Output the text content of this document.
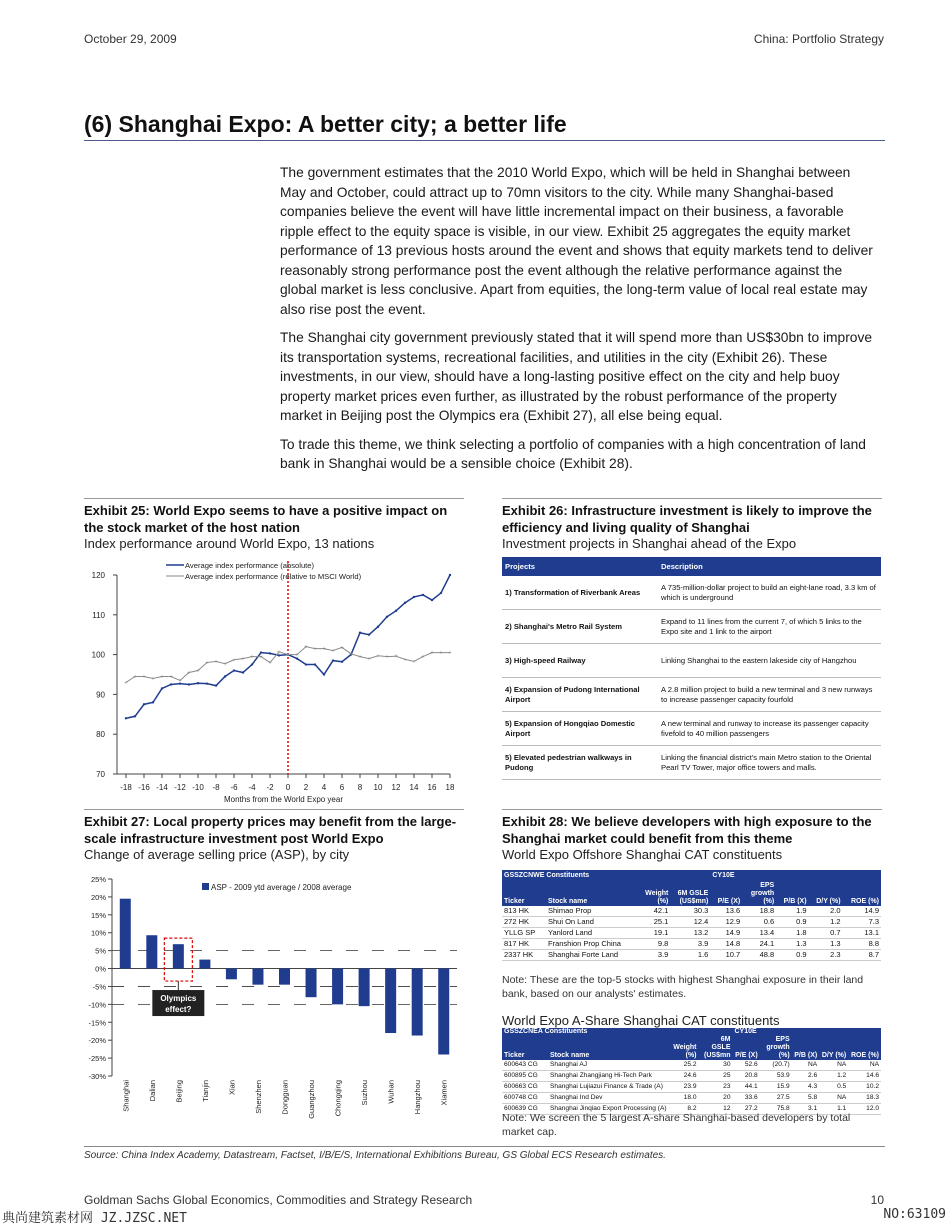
October 29, 2009	China: Portfolio Strategy
(6) Shanghai Expo: A better city; a better life

The government estimates that the 2010 World Expo, which will be held in Shanghai between May and October, could attract up to 70mn visitors to the city. While many Shanghai-based companies believe the event will have little incremental impact on their business, a favorable ripple effect to the equity space is visible, in our view. Exhibit 25 aggregates the equity market performance of 13 previous hosts around the event and shows that equity markets tend to deliver reasonably strong performance post the event although the relative performance against the global market is less conclusive. Apart from equities, the long-term value of local real estate may also rise post the event.

The Shanghai city government previously stated that it will spend more than US$30bn to improve its transportation systems, recreational facilities, and utilities in the city (Exhibit 26). These investments, in our view, should have a long-lasting positive effect on the city and help buoy property market prices even further, as illustrated by the robust performance of the property market in Beijing post the Olympics era (Exhibit 27), all else being equal.

To trade this theme, we think selecting a portfolio of companies with a high concentration of land bank in Shanghai would be a sensible choice (Exhibit 28).

Exhibit 25: World Expo seems to have a positive impact on the stock market of the host nation
Index performance around World Expo, 13 nations
70
80
90
100
110
120
-18 -16 -14 -12 -10 -8 -6 -4 -2 0 2 4 6 8 10 12 14 16 18
Months from the World Expo year
Average index performance (absolute)
+
+ + + + +
+
+ +
+ + +
+ + + +
+
+ + +
+ + + +
+
+ + + + + +
+ +
+
+ + +
Average index performance (relative to MSCI World)
Exhibit 26: Infrastructure investment is likely to improve the efficiency and living quality of Shanghai
Investment projects in Shanghai ahead of the Expo
Projects	Description
1) Transformation of Riverbank Areas	A 735-million-dollar project to build an eight-lane road, 3.3 km of which is underground
2) Shanghai's Metro Rail System	Expand to 11 lines from the current 7, of which 5 links to the Expo site and 1 link to the airport
3) High-speed Railway	Linking Shanghai to the eastern lakeside city of Hangzhou
4) Expansion of Pudong International Airport	A 2.8 million project to build a new terminal and 3 new runways to increase passenger capacity fourfold
5) Expansion of Hongqiao Domestic Airport	A new terminal and runway to increase its passenger capacity fivefold to 40 million passengers
5) Elevated pedestrian walkways in Pudong	Linking the financial district's main Metro station to the Oriental Pearl TV Tower, major office towers and malls.
Exhibit 27: Local property prices may benefit from the large-scale infrastructure investment post World Expo
Change of average selling price (ASP), by city
25%
20%
15%
10%
5%
0%
-5%
-10%
-15%
-20%
-25%
-30%
Shanghai Dalian Beijing Tianjin Xian Shenzhen Dongguan Guangzhou Chongqing Suzhou Wuhan Hangzhou Xiamen
ASP - 2009 ytd average / 2008 average
Olympics
effect?
Exhibit 28: We believe developers with high exposure to the Shanghai market could benefit from this theme
World Expo Offshore Shanghai CAT constituents
GSSZCNWE Constituents				CY10E				
Ticker	Stock name	Weight (%)	6M GSLE (US$mn)	P/E (X)	EPS growth (%)	P/B (X)	D/Y (%)	ROE (%)
813 HK	Shimao Prop	42.1	30.3	13.6	18.8	1.9	2.0	14.9
272 HK	Shui On Land	25.1	12.4	12.9	0.6	0.9	1.2	7.3
YLLG SP	Yanlord Land	19.1	13.2	14.9	13.4	1.8	0.7	13.1
817 HK	Franshion Prop China	9.8	3.9	14.8	24.1	1.3	1.3	8.8
2337 HK	Shanghai Forte Land	3.9	1.6	10.7	48.8	0.9	2.3	8.7
Note: These are the top-5 stocks with highest Shanghai exposure in their land bank, based on our analysts' estimates.
World Expo A-Share Shanghai CAT constituents
GSSZCNEA Constituents				CY10E				
Ticker	Stock name	Weight (%)	6M GSLE (US$mn	P/E (X)	EPS growth (%)	P/B (X)	D/Y (%)	ROE (%)
600643 CG	Shanghai AJ	25.2	30	52.6	(20.7)	NA	NA	NA
600895 CG	Shanghai Zhangjiang Hi-Tech Park	24.6	25	20.8	53.9	2.6	1.2	14.6
600663 CG	Shanghai Lujiazui Finance & Trade (A)	23.9	23	44.1	15.9	4.3	0.5	10.2
600748 CG	Shanghai Ind Dev	18.0	20	33.6	27.5	5.8	NA	18.3
600639 CG	Shanghai Jinqiao Export Processing (A)	8.2	12	27.2	75.8	3.1	1.1	12.0
Note: We screen the 5 largest A-share Shanghai-based developers by total market cap.
Source: China Index Academy, Datastream, Factset, I/B/E/S, International Exhibitions Bureau, GS Global ECS Research estimates.
Goldman Sachs Global Economics, Commodities and Strategy Research	10
典尚建筑素材网 JZ.JZSC.NET	NO:63109
